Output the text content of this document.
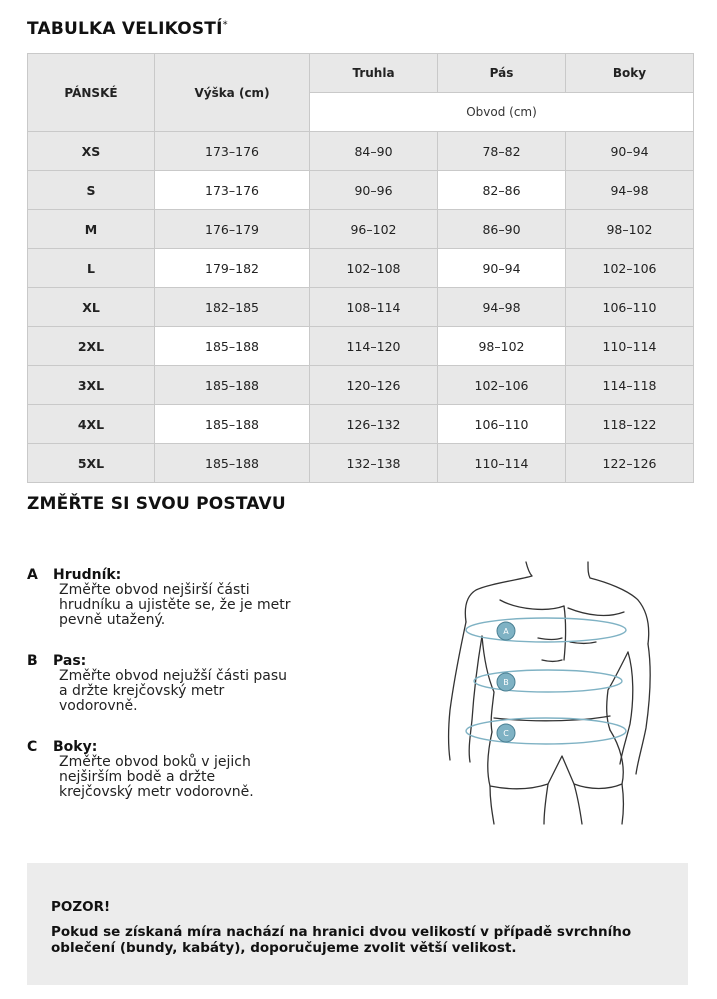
TABULKA VELIKOSTÍ*
PÁNSKÉ	Výška (cm)	Truhla	Pás	Boky
		Obvod (cm)		
XS	173–176	84–90	78–82	90–94
S	173–176	90–96	82–86	94–98
M	176–179	96–102	86–90	98–102
L	179–182	102–108	90–94	102–106
XL	182–185	108–114	94–98	106–110
2XL	185–188	114–120	98–102	110–114
3XL	185–188	120–126	102–106	114–118
4XL	185–188	126–132	106–110	118–122
5XL	185–188	132–138	110–114	122–126
ZMĚŘTE SI SVOU POSTAVU
A Hrudník:
Změřte obvod nejširší části
hrudníku a ujistěte se, že je metr
pevně utažený.
B Pas:
Změřte obvod nejužší části pasu
a držte krejčovský metr
vodorovně.
C Boky:
Změřte obvod boků v jejich
nejširším bodě a držte
krejčovský metr vodorovně.
A
B
C
POZOR!
Pokud se získaná míra nachází na hranici dvou velikostí v případě svrchního oblečení (bundy, kabáty), doporučujeme zvolit větší velikost.
